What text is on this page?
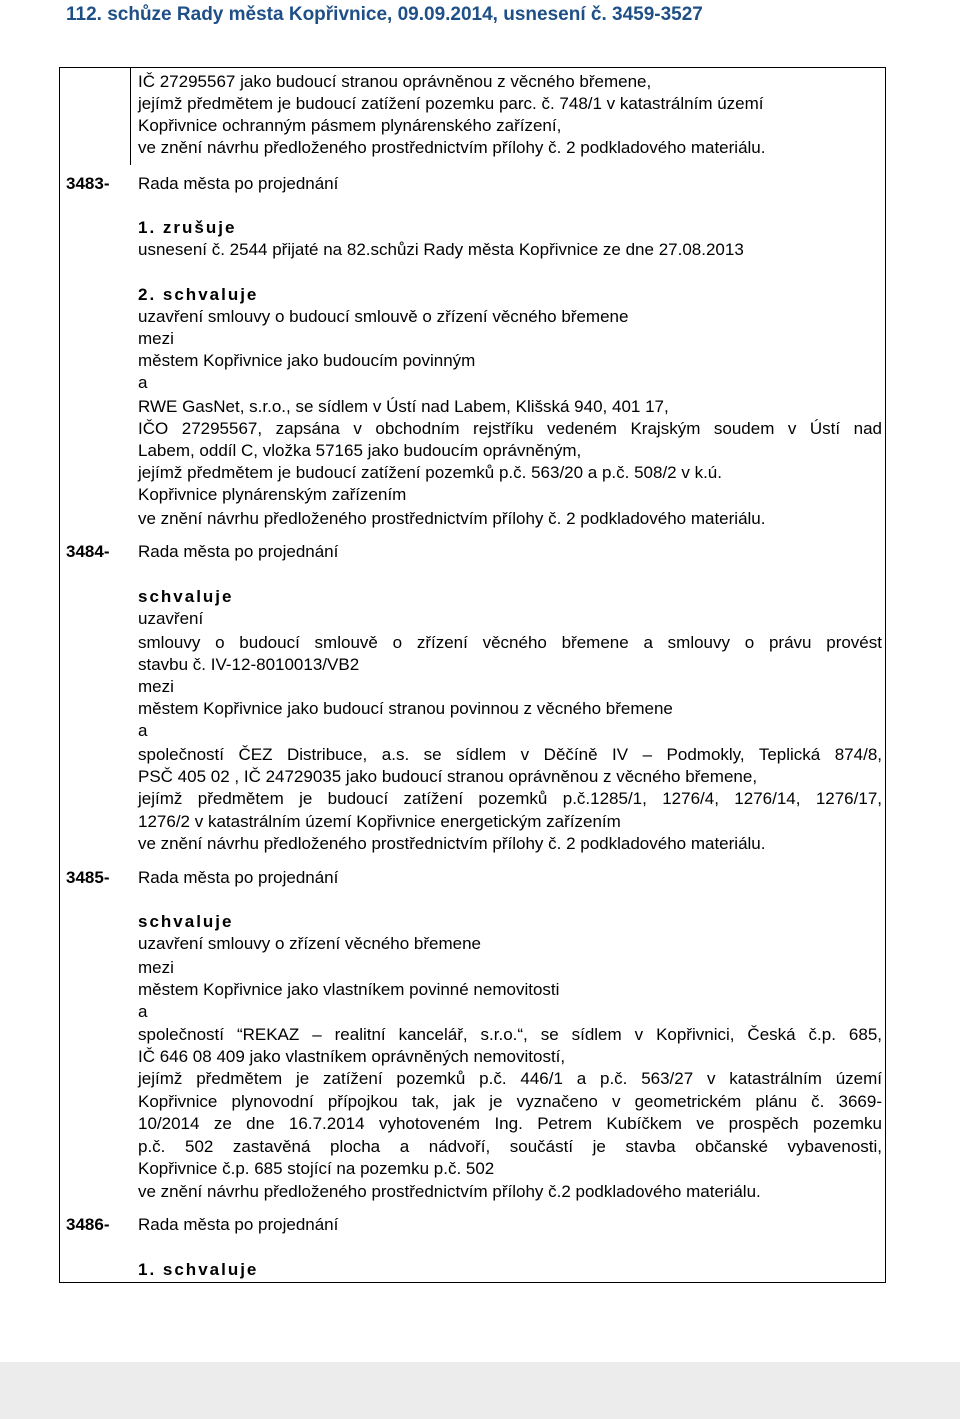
112. schůze Rady města Kopřivnice, 09.09.2014, usnesení č. 3459-3527
IČ 27295567 jako budoucí stranou oprávněnou z věcného břemene,
jejímž předmětem je budoucí zatížení pozemku parc. č. 748/1 v katastrálním území
Kopřivnice ochranným pásmem plynárenského zařízení,
ve znění návrhu předloženého prostřednictvím přílohy č. 2 podkladového materiálu.
3483- Rada města po projednání
1. zrušuje
usnesení č. 2544 přijaté na 82.schůzi Rady města Kopřivnice ze dne 27.08.2013
2. schvaluje
uzavření smlouvy o budoucí smlouvě o zřízení věcného břemene
mezi
městem Kopřivnice jako budoucím povinným
a
RWE GasNet, s.r.o., se sídlem v Ústí nad Labem, Klišská 940, 401 17,
IČO 27295567, zapsána v obchodním rejstříku vedeném Krajským soudem v Ústí nad
Labem, oddíl C, vložka 57165 jako budoucím oprávněným,
jejímž předmětem je budoucí zatížení pozemků p.č. 563/20 a p.č. 508/2 v k.ú.
Kopřivnice plynárenským zařízením
ve znění návrhu předloženého prostřednictvím přílohy č. 2 podkladového materiálu.
3484- Rada města po projednání
schvaluje
uzavření
smlouvy o budoucí smlouvě o zřízení věcného břemene a smlouvy o právu provést
stavbu č. IV-12-8010013/VB2
mezi
městem Kopřivnice jako budoucí stranou povinnou z věcného břemene
a
společností ČEZ Distribuce, a.s. se sídlem v Děčíně IV – Podmokly, Teplická 874/8,
PSČ 405 02 , IČ 24729035 jako budoucí stranou oprávněnou z věcného břemene,
jejímž předmětem je budoucí zatížení pozemků p.č.1285/1, 1276/4, 1276/14, 1276/17,
1276/2 v katastrálním území Kopřivnice energetickým zařízením
ve znění návrhu předloženého prostřednictvím přílohy č. 2 podkladového materiálu.
3485- Rada města po projednání
schvaluje
uzavření smlouvy o zřízení věcného břemene
mezi
městem Kopřivnice jako vlastníkem povinné nemovitosti
a
společností “REKAZ – realitní kancelář, s.r.o.“, se sídlem v Kopřivnici, Česká č.p. 685,
IČ 646 08 409 jako vlastníkem oprávněných nemovitostí,
jejímž předmětem je zatížení pozemků p.č. 446/1 a p.č. 563/27 v katastrálním území
Kopřivnice plynovodní přípojkou tak, jak je vyznačeno v geometrickém plánu č. 3669-
10/2014 ze dne 16.7.2014 vyhotoveném Ing. Petrem Kubíčkem ve prospěch pozemku
p.č. 502 zastavěná plocha a nádvoří, součástí je stavba občanské vybavenosti,
Kopřivnice č.p. 685 stojící na pozemku p.č. 502
ve znění návrhu předloženého prostřednictvím přílohy č.2 podkladového materiálu.
3486- Rada města po projednání
1. schvaluje
